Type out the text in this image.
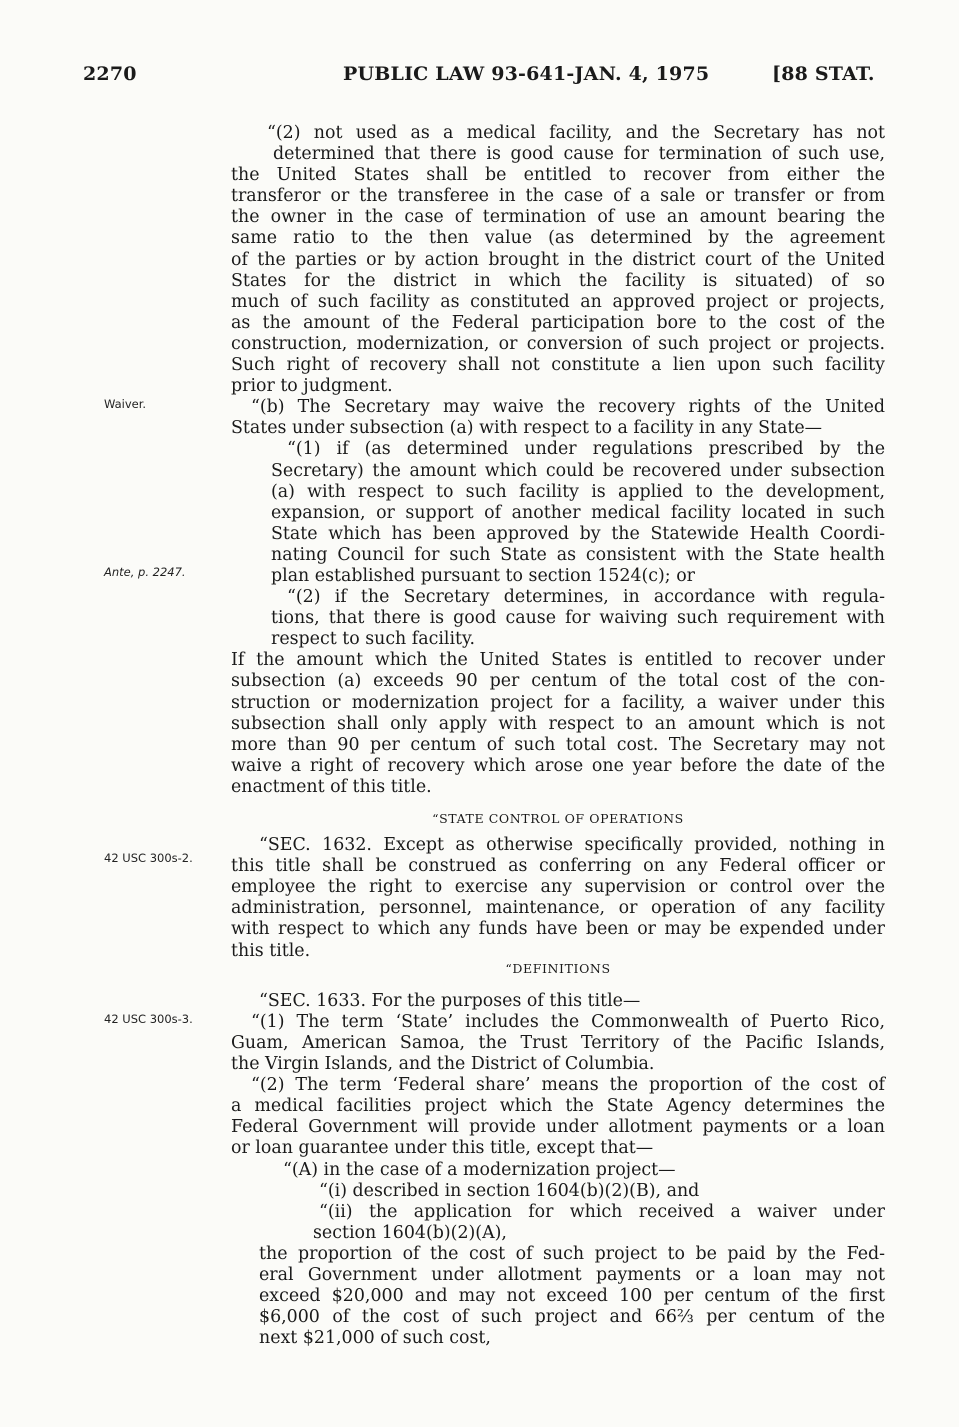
2270	PUBLIC LAW 93-641-JAN. 4, 1975	[88 STAT.
Waiver.
Ante, p. 2247.
42 USC 300s-2.
42 USC 300s-3.
“(2) not used as a medical facility, and the Secretary has not
determined that there is good cause for termination of such use,
the United States shall be entitled to recover from either the
transferor or the transferee in the case of a sale or transfer or from
the owner in the case of termination of use an amount bearing the
same ratio to the then value (as determined by the agreement
of the parties or by action brought in the district court of the United
States for the district in which the facility is situated) of so
much of such facility as constituted an approved project or projects,
as the amount of the Federal participation bore to the cost of the
construction, modernization, or conversion of such project or projects.
Such right of recovery shall not constitute a lien upon such facility
prior to judgment.
“(b) The Secretary may waive the recovery rights of the United
States under subsection (a) with respect to a facility in any State—
“(1) if (as determined under regulations prescribed by the
Secretary) the amount which could be recovered under subsection
(a) with respect to such facility is applied to the development,
expansion, or support of another medical facility located in such
State which has been approved by the Statewide Health Coordi-
nating Council for such State as consistent with the State health
plan established pursuant to section 1524(c); or
“(2) if the Secretary determines, in accordance with regula-
tions, that there is good cause for waiving such requirement with
respect to such facility.
If the amount which the United States is entitled to recover under
subsection (a) exceeds 90 per centum of the total cost of the con-
struction or modernization project for a facility, a waiver under this
subsection shall only apply with respect to an amount which is not
more than 90 per centum of such total cost. The Secretary may not
waive a right of recovery which arose one year before the date of the
enactment of this title.
“STATE CONTROL OF OPERATIONS
“SEC. 1632. Except as otherwise specifically provided, nothing in
this title shall be construed as conferring on any Federal officer or
employee the right to exercise any supervision or control over the
administration, personnel, maintenance, or operation of any facility
with respect to which any funds have been or may be expended under
this title.
“DEFINITIONS
“SEC. 1633. For the purposes of this title—
“(1) The term ‘State’ includes the Commonwealth of Puerto Rico,
Guam, American Samoa, the Trust Territory of the Pacific Islands,
the Virgin Islands, and the District of Columbia.
“(2) The term ‘Federal share’ means the proportion of the cost of
a medical facilities project which the State Agency determines the
Federal Government will provide under allotment payments or a loan
or loan guarantee under this title, except that—
“(A) in the case of a modernization project—
“(i) described in section 1604(b)(2)(B), and
“(ii) the application for which received a waiver under
section 1604(b)(2)(A),
the proportion of the cost of such project to be paid by the Fed-
eral Government under allotment payments or a loan may not
exceed $20,000 and may not exceed 100 per centum of the first
$6,000 of the cost of such project and 66⅔ per centum of the
next $21,000 of such cost,
